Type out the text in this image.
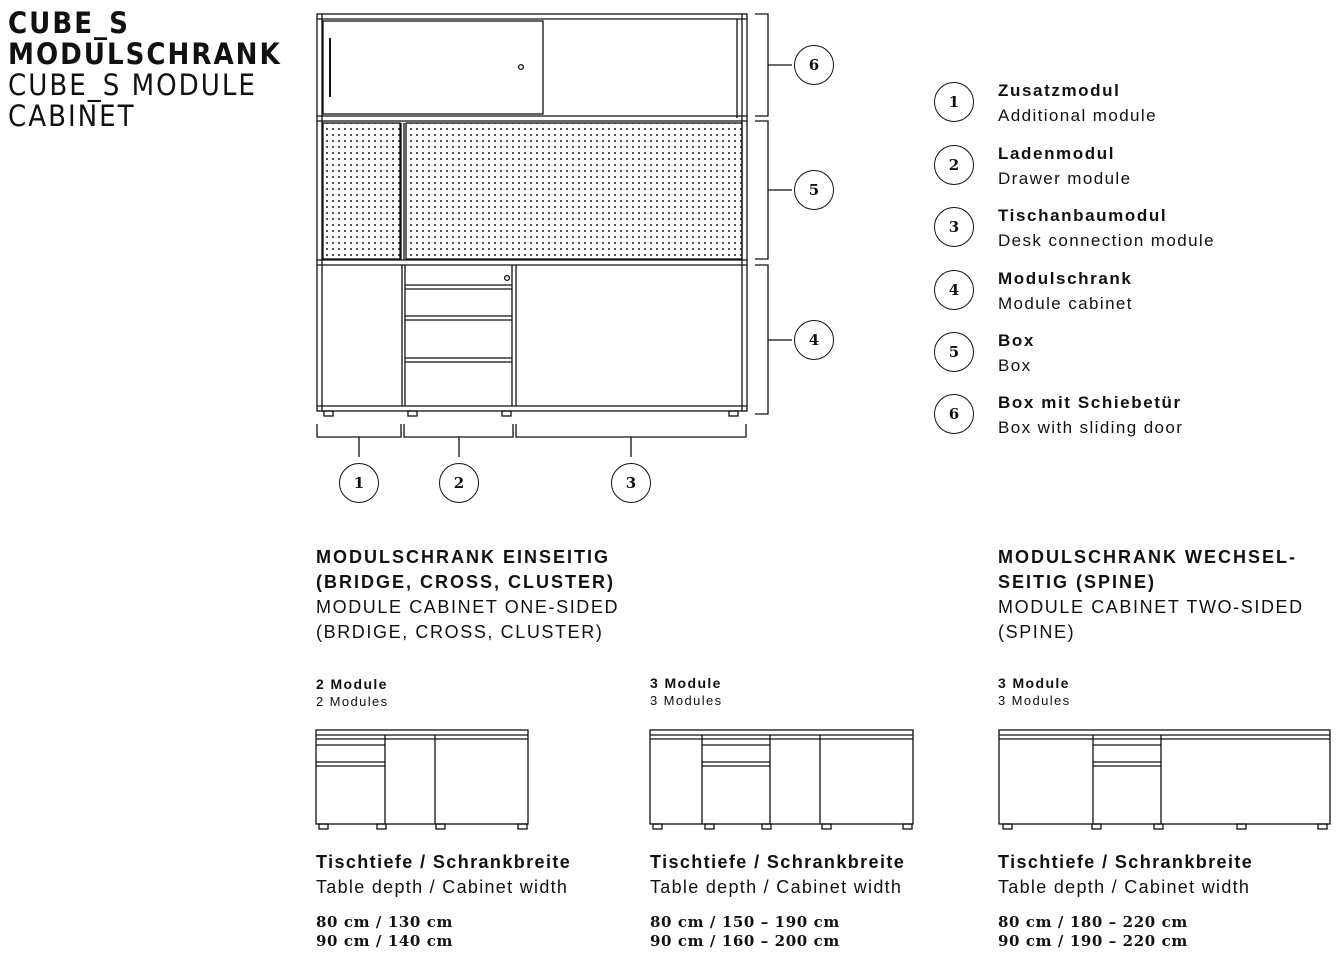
CUBE_S
MODULSCHRANK
CUBE_S MODULE
CABINET
1	2	3
6
5
4
1
Zusatzmodul
Additional module
2
Ladenmodul
Drawer module
3
Tischanbaumodul
Desk connection module
4
Modulschrank
Module cabinet
5
Box
Box
6
Box mit Schiebetür
Box with sliding door
MODULSCHRANK EINSEITIG
(BRIDGE, CROSS, CLUSTER)
MODULE CABINET ONE-SIDED
(BRDIGE, CROSS, CLUSTER)
MODULSCHRANK WECHSEL-
SEITIG (SPINE)
MODULE CABINET TWO-SIDED
(SPINE)
2 Module
2 Modules
Tischtiefe / Schrankbreite
Table depth / Cabinet width
80 cm / 130 cm
90 cm / 140 cm
3 Module
3 Modules
Tischtiefe / Schrankbreite
Table depth / Cabinet width
80 cm / 150 – 190 cm
90 cm / 160 – 200 cm
3 Module
3 Modules
Tischtiefe / Schrankbreite
Table depth / Cabinet width
80 cm / 180 – 220 cm
90 cm / 190 – 220 cm
